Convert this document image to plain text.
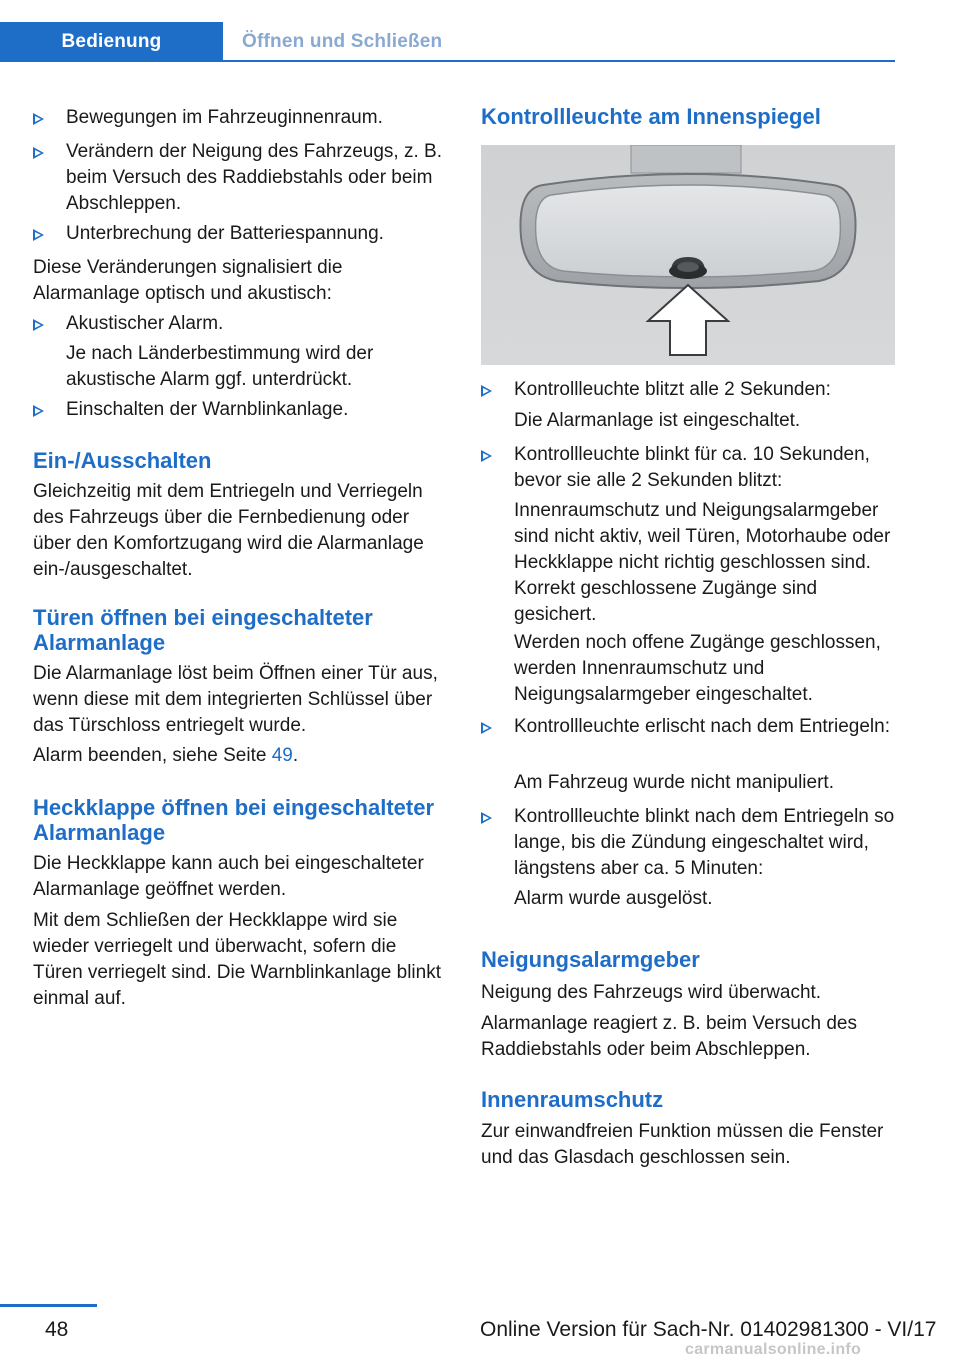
Bedienung	Öffnen und Schließen
Bewegungen im Fahrzeuginnenraum.
Verändern der Neigung des Fahrzeugs, z. B. beim Versuch des Raddiebstahls oder beim Abschleppen.
Unterbrechung der Batteriespannung.
Diese Veränderungen signalisiert die Alarmanlage optisch und akustisch:
Akustischer Alarm.
Je nach Länderbestimmung wird der akustische Alarm ggf. unterdrückt.
Einschalten der Warnblinkanlage.
Ein-/Ausschalten
Gleichzeitig mit dem Entriegeln und Verriegeln des Fahrzeugs über die Fernbedienung oder über den Komfortzugang wird die Alarmanlage ein-/ausgeschaltet.
Türen öffnen bei eingeschalteter Alarmanlage
Die Alarmanlage löst beim Öffnen einer Tür aus, wenn diese mit dem integrierten Schlüssel über das Türschloss entriegelt wurde.
Alarm beenden, siehe Seite 49.
Heckklappe öffnen bei eingeschalteter Alarmanlage
Die Heckklappe kann auch bei eingeschalteter Alarmanlage geöffnet werden.
Mit dem Schließen der Heckklappe wird sie wieder verriegelt und überwacht, sofern die Türen verriegelt sind. Die Warnblinkanlage blinkt einmal auf.
Kontrollleuchte am Innenspiegel
Kontrollleuchte blitzt alle 2 Sekunden:
Die Alarmanlage ist eingeschaltet.
Kontrollleuchte blinkt für ca. 10 Sekunden, bevor sie alle 2 Sekunden blitzt:
Innenraumschutz und Neigungsalarmgeber sind nicht aktiv, weil Türen, Motorhaube oder Heckklappe nicht richtig geschlossen sind. Korrekt geschlossene Zugänge sind gesichert.
Werden noch offene Zugänge geschlossen, werden Innenraumschutz und Neigungsalarmgeber eingeschaltet.
Kontrollleuchte erlischt nach dem Entriegeln:
Am Fahrzeug wurde nicht manipuliert.
Kontrollleuchte blinkt nach dem Entriegeln so lange, bis die Zündung eingeschaltet wird, längstens aber ca. 5 Minuten:
Alarm wurde ausgelöst.
Neigungsalarmgeber
Neigung des Fahrzeugs wird überwacht.
Alarmanlage reagiert z. B. beim Versuch des Raddiebstahls oder beim Abschleppen.
Innenraumschutz
Zur einwandfreien Funktion müssen die Fenster und das Glasdach geschlossen sein.
48	Online Version für Sach-Nr. 01402981300 - VI/17
carmanualsonline.info
